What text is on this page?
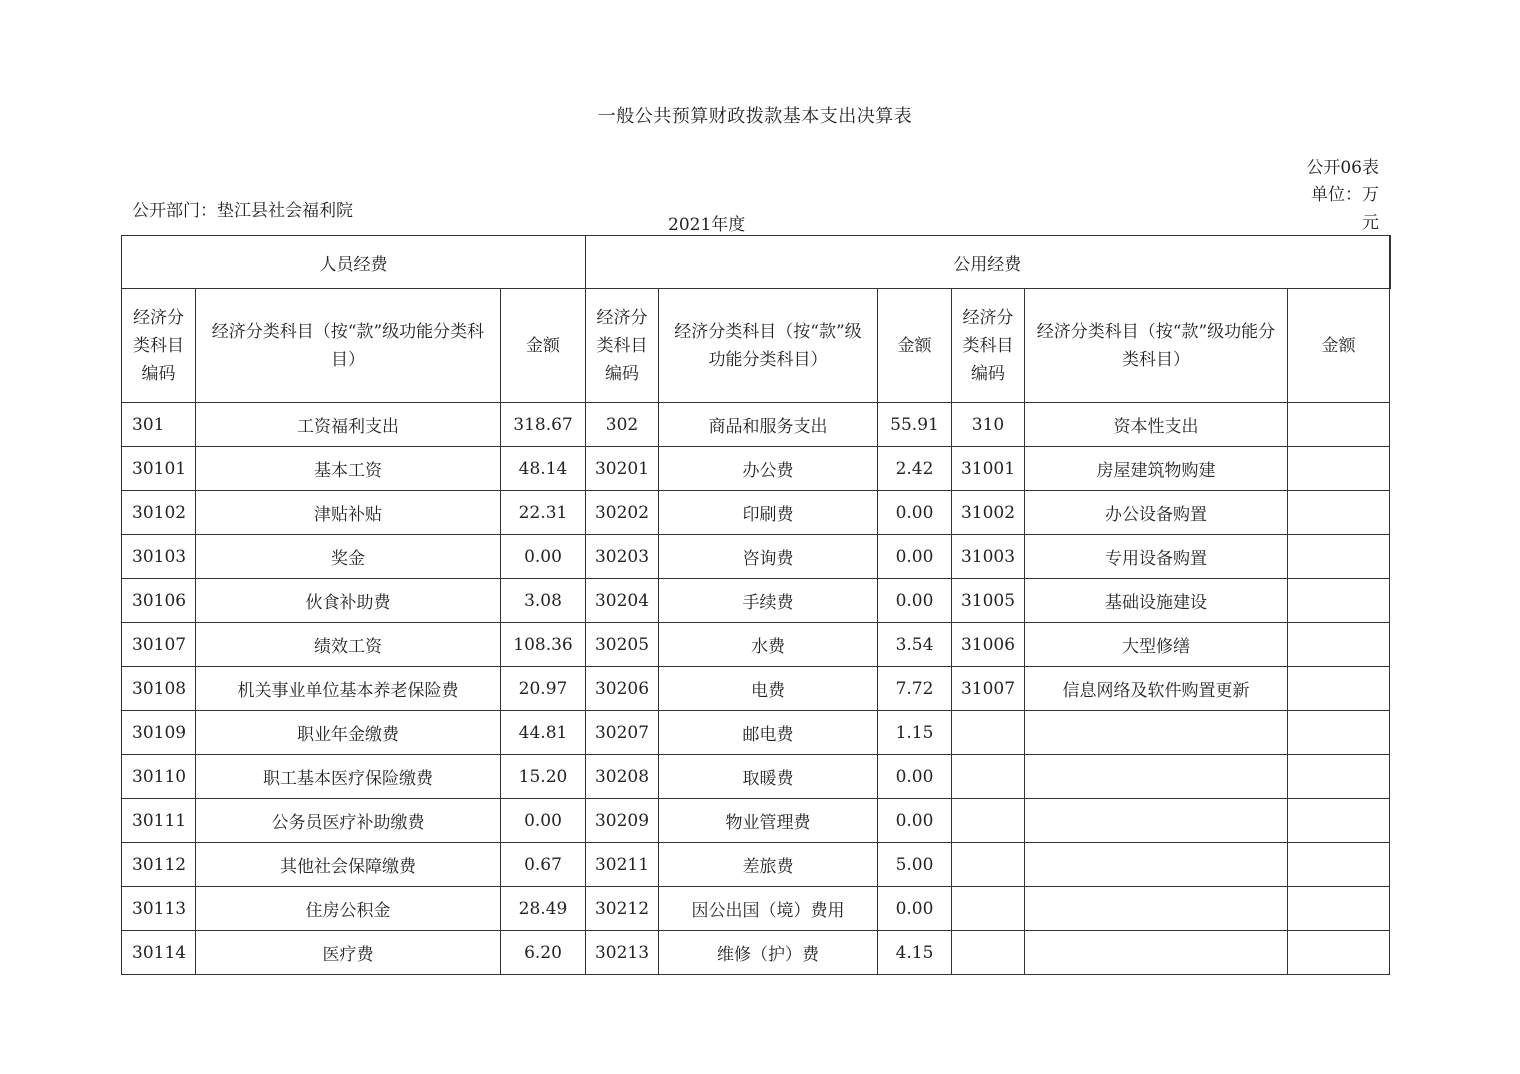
一般公共预算财政拨款基本支出决算表
公开06表
单位：万元
公开部门：垫江县社会福利院
2021年度
人员经费			公用经费					
经济分类科目编码	经济分类科目（按“款”级功能分类科目）	金额	经济分类科目编码	经济分类科目（按“款”级功能分类科目）	金额	经济分类科目编码	经济分类科目（按“款”级功能分类科目）	金额
301	工资福利支出	318.67	302	商品和服务支出	55.91	310	资本性支出	
30101	基本工资	48.14	30201	办公费	2.42	31001	房屋建筑物购建	
30102	津贴补贴	22.31	30202	印刷费	0.00	31002	办公设备购置	
30103	奖金	0.00	30203	咨询费	0.00	31003	专用设备购置	
30106	伙食补助费	3.08	30204	手续费	0.00	31005	基础设施建设	
30107	绩效工资	108.36	30205	水费	3.54	31006	大型修缮	
30108	机关事业单位基本养老保险费	20.97	30206	电费	7.72	31007	信息网络及软件购置更新	
30109	职业年金缴费	44.81	30207	邮电费	1.15			
30110	职工基本医疗保险缴费	15.20	30208	取暖费	0.00			
30111	公务员医疗补助缴费	0.00	30209	物业管理费	0.00			
30112	其他社会保障缴费	0.67	30211	差旅费	5.00			
30113	住房公积金	28.49	30212	因公出国（境）费用	0.00			
30114	医疗费	6.20	30213	维修（护）费	4.15			
